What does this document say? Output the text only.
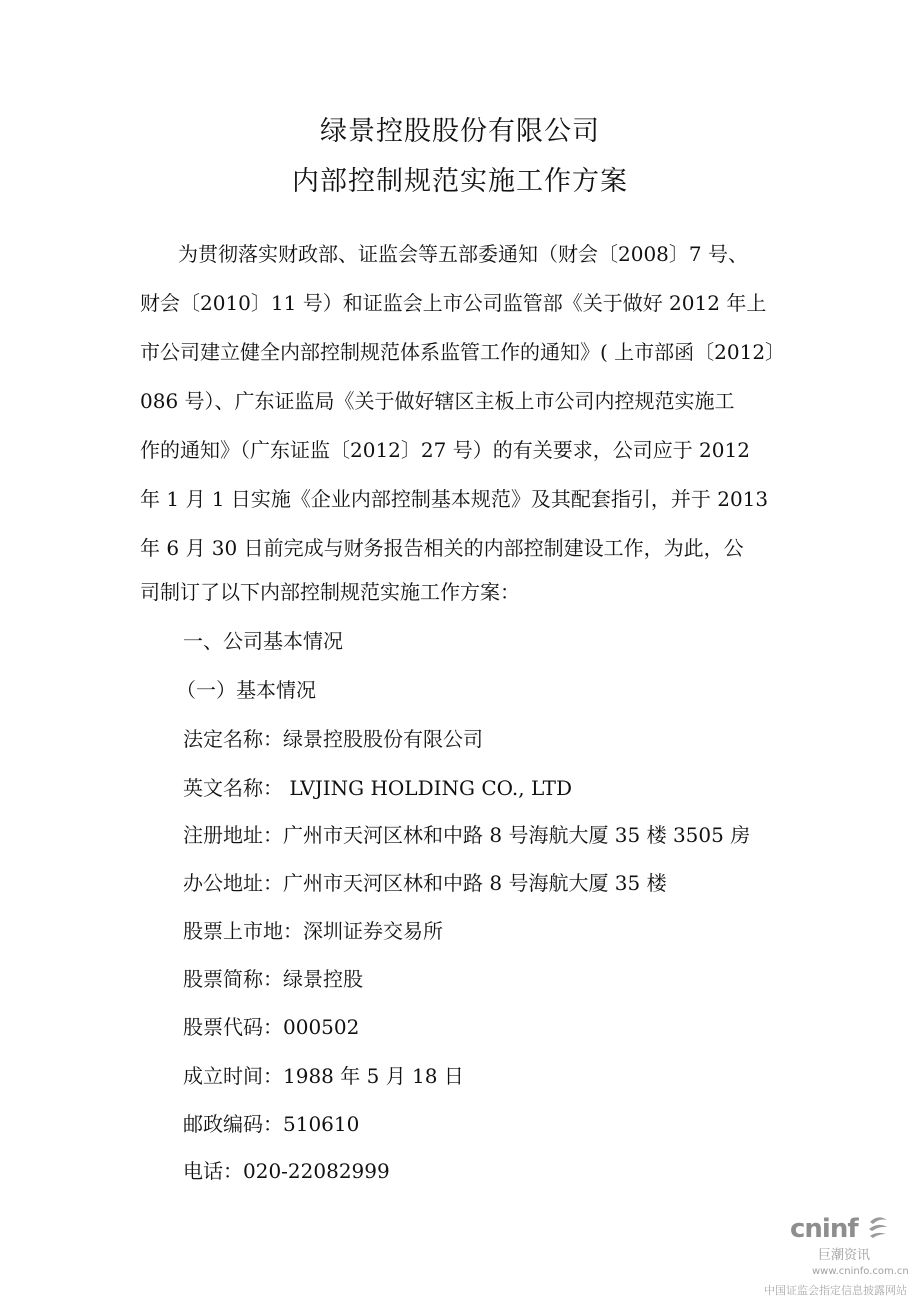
绿景控股股份有限公司
内部控制规范实施工作方案
为贯彻落实财政部、证监会等五部委通知（财会〔2008〕7 号、
财会〔2010〕11 号）和证监会上市公司监管部《关于做好 2012 年上
市公司建立健全内部控制规范体系监管工作的通知》( 上市部函〔2012〕
086 号）、广东证监局《关于做好辖区主板上市公司内控规范实施工
作的通知》（广东证监〔2012〕27 号）的有关要求，公司应于 2012
年 1 月 1 日实施《企业内部控制基本规范》及其配套指引，并于 2013
年 6 月 30 日前完成与财务报告相关的内部控制建设工作，为此，公
司制订了以下内部控制规范实施工作方案：
一、公司基本情况
（一）基本情况
法定名称：绿景控股股份有限公司
英文名称： LVJING HOLDING CO., LTD
注册地址：广州市天河区林和中路 8 号海航大厦 35 楼 3505 房
办公地址：广州市天河区林和中路 8 号海航大厦 35 楼
股票上市地：深圳证券交易所
股票简称：绿景控股
股票代码：000502
成立时间：1988 年 5 月 18 日
邮政编码：510610
电话：020-22082999
cninf
巨潮资讯
www.cninfo.com.cn
中国证监会指定信息披露网站
